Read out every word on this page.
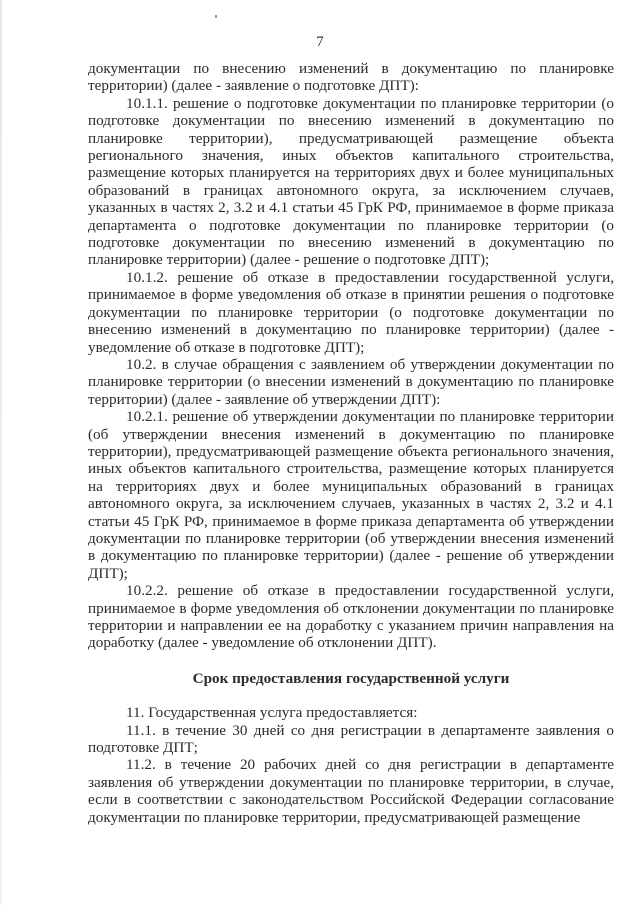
7

документации по внесению изменений в документацию по планировке территории) (далее - заявление о подготовке ДПТ):

10.1.1. решение о подготовке документации по планировке территории (о подготовке документации по внесению изменений в документацию по планировке территории), предусматривающей размещение объекта регионального значения, иных объектов капитального строительства, размещение которых планируется на территориях двух и более муниципальных образований в границах автономного округа, за исключением случаев, указанных в частях 2, 3.2 и 4.1 статьи 45 ГрК РФ, принимаемое в форме приказа департамента о подготовке документации по планировке территории (о подготовке документации по внесению изменений в документацию по планировке территории) (далее - решение о подготовке ДПТ);

10.1.2. решение об отказе в предоставлении государственной услуги, принимаемое в форме уведомления об отказе в принятии решения о подготовке документации по планировке территории (о подготовке документации по внесению изменений в документацию по планировке территории) (далее - уведомление об отказе в подготовке ДПТ);

10.2. в случае обращения с заявлением об утверждении документации по планировке территории (о внесении изменений в документацию по планировке территории) (далее - заявление об утверждении ДПТ):

10.2.1. решение об утверждении документации по планировке территории (об утверждении внесения изменений в документацию по планировке территории), предусматривающей размещение объекта регионального значения, иных объектов капитального строительства, размещение которых планируется на территориях двух и более муниципальных образований в границах автономного округа, за исключением случаев, указанных в частях 2, 3.2 и 4.1 статьи 45 ГрК РФ, принимаемое в форме приказа департамента об утверждении документации по планировке территории (об утверждении внесения изменений в документацию по планировке территории) (далее - решение об утверждении ДПТ);

10.2.2. решение об отказе в предоставлении государственной услуги, принимаемое в форме уведомления об отклонении документации по планировке территории и направлении ее на доработку с указанием причин направления на доработку (далее - уведомление об отклонении ДПТ).

Срок предоставления государственной услуги

11. Государственная услуга предоставляется:

11.1. в течение 30 дней со дня регистрации в департаменте заявления о подготовке ДПТ;

11.2. в течение 20 рабочих дней со дня регистрации в департаменте заявления об утверждении документации по планировке территории, в случае, если в соответствии с законодательством Российской Федерации согласование документации по планировке территории, предусматривающей размещение
